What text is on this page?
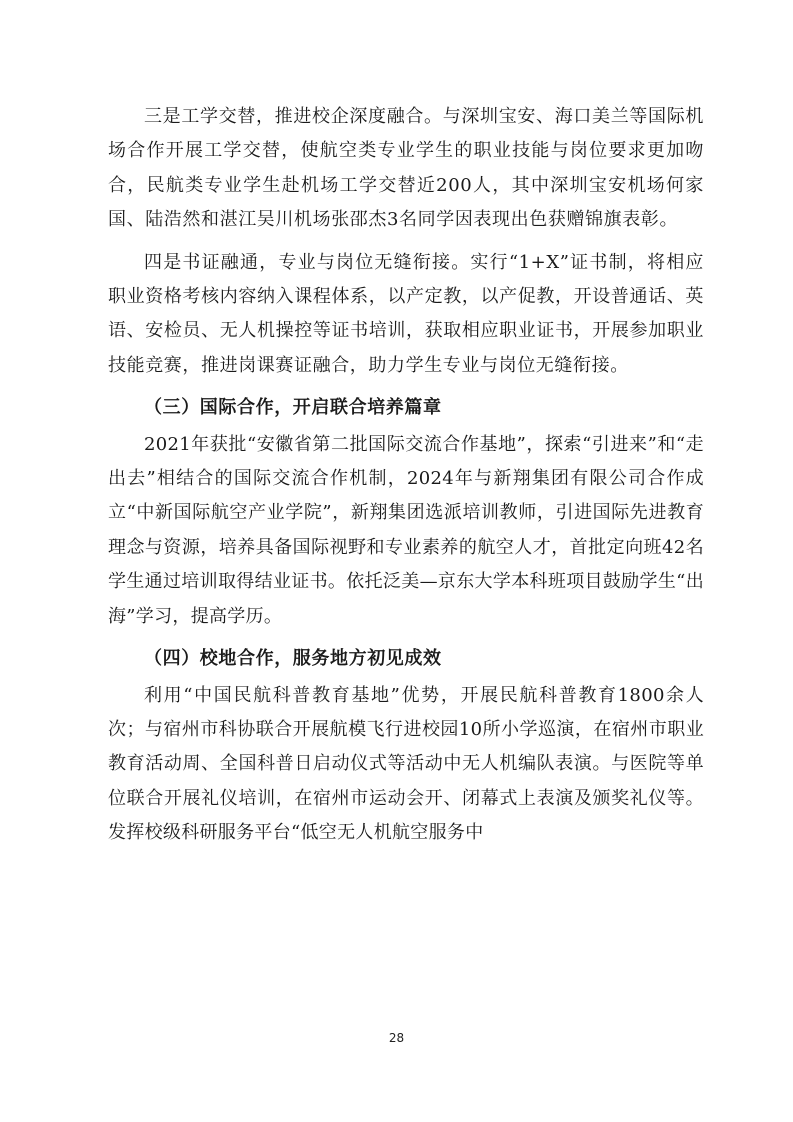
三是工学交替，推进校企深度融合。与深圳宝安、海口美兰等国际机场合作开展工学交替，使航空类专业学生的职业技能与岗位要求更加吻合，民航类专业学生赴机场工学交替近200人，其中深圳宝安机场何家国、陆浩然和湛江吴川机场张邵杰3名同学因表现出色获赠锦旗表彰。

四是书证融通，专业与岗位无缝衔接。实行“1+X”证书制，将相应职业资格考核内容纳入课程体系，以产定教，以产促教，开设普通话、英语、安检员、无人机操控等证书培训，获取相应职业证书，开展参加职业技能竞赛，推进岗课赛证融合，助力学生专业与岗位无缝衔接。

（三）国际合作，开启联合培养篇章

2021年获批“安徽省第二批国际交流合作基地”，探索“引进来”和“走出去”相结合的国际交流合作机制，2024年与新翔集团有限公司合作成立“中新国际航空产业学院”，新翔集团选派培训教师，引进国际先进教育理念与资源，培养具备国际视野和专业素养的航空人才，首批定向班42名学生通过培训取得结业证书。依托泛美—京东大学本科班项目鼓励学生“出海”学习，提高学历。

（四）校地合作，服务地方初见成效

利用“中国民航科普教育基地”优势，开展民航科普教育1800余人次；与宿州市科协联合开展航模飞行进校园10所小学巡演，在宿州市职业教育活动周、全国科普日启动仪式等活动中无人机编队表演。与医院等单位联合开展礼仪培训，在宿州市运动会开、闭幕式上表演及颁奖礼仪等。发挥校级科研服务平台“低空无人机航空服务中

28
